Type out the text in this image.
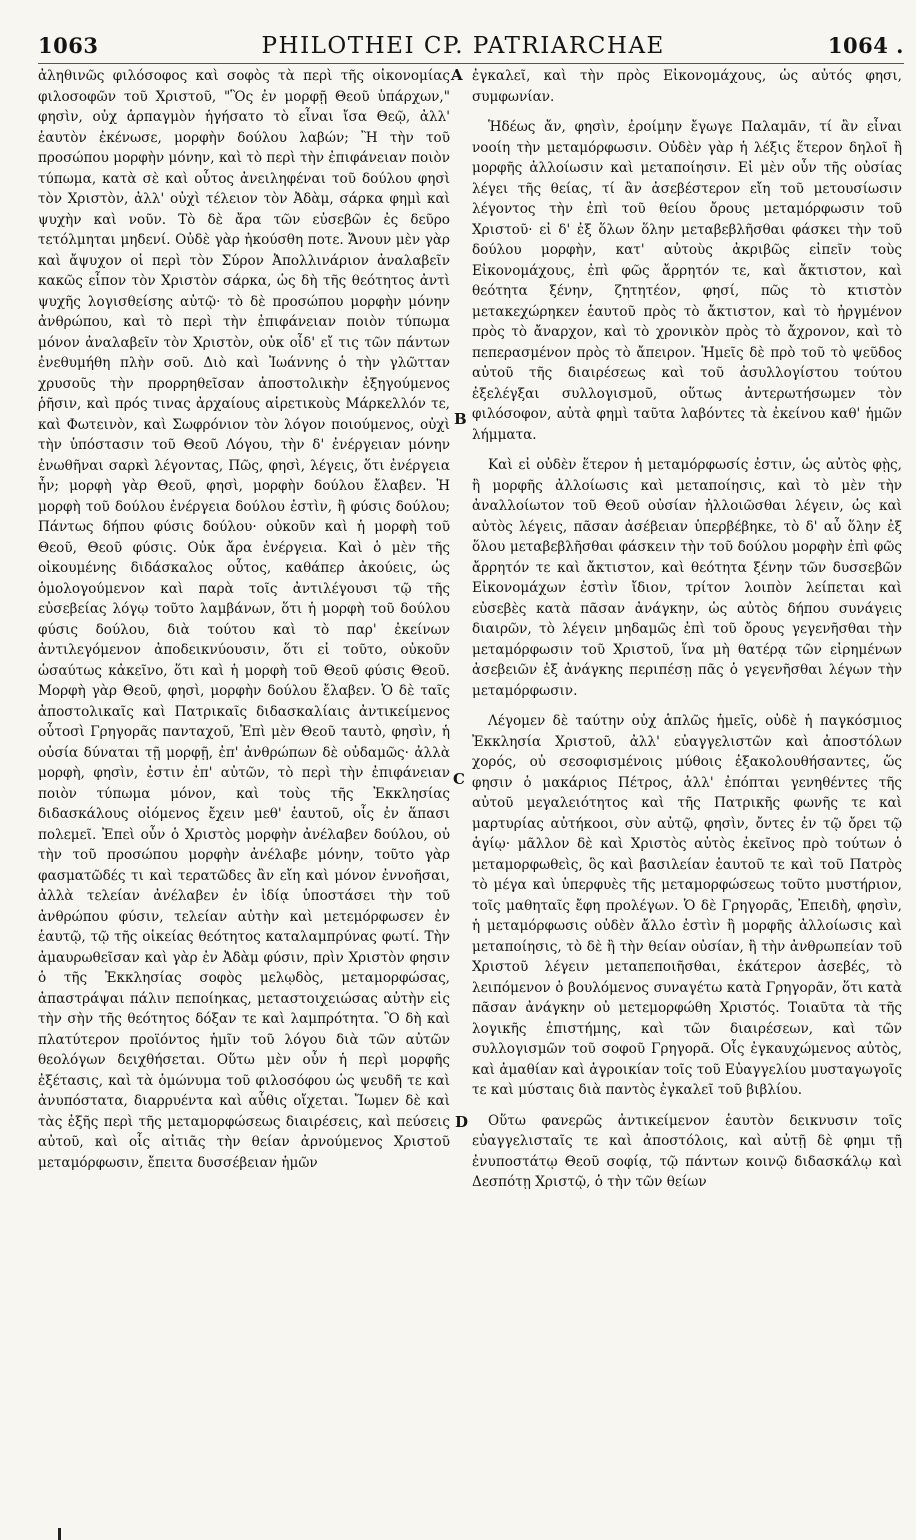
1063	PHILOTHEI CP. PATRIARCHAE	1064 .

ἀληθινῶς φιλόσοφος καὶ σοφὸς τὰ περὶ τῆς οἰκονομίας φιλοσοφῶν τοῦ Χριστοῦ, "Ὃς ἐν μορφῇ Θεοῦ ὑπάρχων," φησὶν, οὐχ ἁρπαγμὸν ἡγήσατο τὸ εἶναι ἴσα Θεῷ, ἀλλ' ἑαυτὸν ἐκένωσε, μορφὴν δούλου λαβών; Ἢ τὴν τοῦ προσώπου μορφὴν μόνην, καὶ τὸ περὶ τὴν ἐπιφάνειαν ποιὸν τύπωμα, κατὰ σὲ καὶ οὗτος ἀνειληφέναι τοῦ δούλου φησὶ τὸν Χριστὸν, ἀλλ' οὐχὶ τέλειον τὸν Ἀδὰμ, σάρκα φημὶ καὶ ψυχὴν καὶ νοῦν. Τὸ δὲ ἄρα τῶν εὐσεβῶν ἐς δεῦρο τετόλμηται μηδενί. Οὐδὲ γὰρ ἠκούσθη ποτε. Ἄνουν μὲν γὰρ καὶ ἄψυχον οἱ περὶ τὸν Σύρον Ἀπολλινάριον ἀναλαβεῖν κακῶς εἶπον τὸν Χριστὸν σάρκα, ὡς δὴ τῆς θεότητος ἀντὶ ψυχῆς λογισθείσης αὐτῷ· τὸ δὲ προσώπου μορφὴν μόνην ἀνθρώπου, καὶ τὸ περὶ τὴν ἐπιφάνειαν ποιὸν τύπωμα μόνον ἀναλαβεῖν τὸν Χριστὸν, οὐκ οἶδ' εἴ τις τῶν πάντων ἐνεθυμήθη πλὴν σοῦ. Διὸ καὶ Ἰωάννης ὁ τὴν γλῶτταν χρυσοῦς τὴν προρρηθεῖσαν ἀποστολικὴν ἐξηγούμενος ῥῆσιν, καὶ πρός τινας ἀρχαίους αἱρετικοὺς Μάρκελλόν τε, καὶ Φωτεινὸν, καὶ Σωφρόνιον τὸν λόγον ποιούμενος, οὐχὶ τὴν ὑπόστασιν τοῦ Θεοῦ Λόγου, τὴν δ' ἐνέργειαν μόνην ἑνωθῆναι σαρκὶ λέγοντας, Πῶς, φησὶ, λέγεις, ὅτι ἐνέργεια ἦν; μορφὴ γὰρ Θεοῦ, φησὶ, μορφὴν δούλου ἔλαβεν. Ἡ μορφὴ τοῦ δούλου ἐνέργεια δούλου ἐστὶν, ἢ φύσις δούλου; Πάντως δήπου φύσις δούλου· οὐκοῦν καὶ ἡ μορφὴ τοῦ Θεοῦ, Θεοῦ φύσις. Οὐκ ἄρα ἐνέργεια. Καὶ ὁ μὲν τῆς οἰκουμένης διδάσκαλος οὗτος, καθάπερ ἀκούεις, ὡς ὁμολογούμενον καὶ παρὰ τοῖς ἀντιλέγουσι τῷ τῆς εὐσεβείας λόγῳ τοῦτο λαμβάνων, ὅτι ἡ μορφὴ τοῦ δούλου φύσις δούλου, διὰ τούτου καὶ τὸ παρ' ἐκείνων ἀντιλεγόμενον ἀποδεικνύουσιν, ὅτι εἰ τοῦτο, οὐκοῦν ὡσαύτως κἀκεῖνο, ὅτι καὶ ἡ μορφὴ τοῦ Θεοῦ φύσις Θεοῦ. Μορφὴ γὰρ Θεοῦ, φησὶ, μορφὴν δούλου ἔλαβεν. Ὁ δὲ ταῖς ἀποστολικαῖς καὶ Πατρικαῖς διδασκαλίαις ἀντικείμενος οὗτοσὶ Γρηγορᾶς πανταχοῦ, Ἐπὶ μὲν Θεοῦ ταυτὸ, φησὶν, ἡ οὐσία δύναται τῇ μορφῇ, ἐπ' ἀνθρώπων δὲ οὐδαμῶς· ἀλλὰ μορφὴ, φησὶν, ἐστιν ἐπ' αὐτῶν, τὸ περὶ τὴν ἐπιφάνειαν ποιὸν τύπωμα μόνον, καὶ τοὺς τῆς Ἐκκλησίας διδασκάλους οἰόμενος ἔχειν μεθ' ἑαυτοῦ, οἷς ἐν ἅπασι πολεμεῖ. Ἐπεὶ οὖν ὁ Χριστὸς μορφὴν ἀνέλαβεν δούλου, οὐ τὴν τοῦ προσώπου μορφὴν ἀνέλαβε μόνην, τοῦτο γὰρ φασματῶδές τι καὶ τερατῶδες ἂν εἴη καὶ μόνον ἐννοῆσαι, ἀλλὰ τελείαν ἀνέλαβεν ἐν ἰδίᾳ ὑποστάσει τὴν τοῦ ἀνθρώπου φύσιν, τελείαν αὐτὴν καὶ μετεμόρφωσεν ἐν ἑαυτῷ, τῷ τῆς οἰκείας θεότητος καταλαμπρύνας φωτί. Τὴν ἀμαυρωθεῖσαν καὶ γὰρ ἐν Ἀδὰμ φύσιν, πρὶν Χριστὸν φησιν ὁ τῆς Ἐκκλησίας σοφὸς μελῳδὸς, μεταμορφώσας, ἀπαστράψαι πάλιν πεποίηκας, μεταστοιχειώσας αὐτὴν εἰς τὴν σὴν τῆς θεότητος δόξαν τε καὶ λαμπρότητα. Ὃ δὴ καὶ πλατύτερον προϊόντος ἡμῖν τοῦ λόγου διὰ τῶν αὐτῶν θεολόγων δειχθήσεται. Οὕτω μὲν οὖν ἡ περὶ μορφῆς ἐξέτασις, καὶ τὰ ὁμώνυμα τοῦ φιλοσόφου ὡς ψευδῆ τε καὶ ἀνυπόστατα, διαρρυέντα καὶ αὖθις οἴχεται. Ἴωμεν δὲ καὶ τὰς ἐξῆς περὶ τῆς μεταμορφώσεως διαιρέσεις, καὶ πεύσεις αὐτοῦ, καὶ οἷς αἰτιᾶς τὴν θείαν ἀρνούμενος Χριστοῦ μεταμόρφωσιν, ἔπειτα δυσσέβειαν ἡμῶν

ἐγκαλεῖ, καὶ τὴν πρὸς Εἰκονομάχους, ὡς αὐτός φησι, συμφωνίαν.

Ἡδέως ἄν, φησὶν, ἐροίμην ἔγωγε Παλαμᾶν, τί ἂν εἶναι νοοίη τὴν μεταμόρφωσιν. Οὐδὲν γὰρ ἡ λέξις ἕτερον δηλοῖ ἢ μορφῆς ἀλλοίωσιν καὶ μεταποίησιν. Εἰ μὲν οὖν τῆς οὐσίας λέγει τῆς θείας, τί ἂν ἀσεβέστερον εἴη τοῦ μετουσίωσιν λέγοντος τὴν ἐπὶ τοῦ θείου ὄρους μεταμόρφωσιν τοῦ Χριστοῦ· εἰ δ' ἐξ ὅλων ὅλην μεταβεβλῆσθαι φάσκει τὴν τοῦ δούλου μορφὴν, κατ' αὐτοὺς ἀκριβῶς εἰπεῖν τοὺς Εἰκονομάχους, ἐπὶ φῶς ἄρρητόν τε, καὶ ἄκτιστον, καὶ θεότητα ξένην, ζητητέον, φησί, πῶς τὸ κτιστὸν μετακεχώρηκεν ἑαυτοῦ πρὸς τὸ ἄκτιστον, καὶ τὸ ἠργμένον πρὸς τὸ ἄναρχον, καὶ τὸ χρονικὸν πρὸς τὸ ἄχρονον, καὶ τὸ πεπερασμένον πρὸς τὸ ἄπειρον. Ἡμεῖς δὲ πρὸ τοῦ τὸ ψεῦδος αὐτοῦ τῆς διαιρέσεως καὶ τοῦ ἀσυλλογίστου τούτου ἐξελέγξαι συλλογισμοῦ, οὕτως ἀντερωτήσωμεν τὸν φιλόσοφον, αὐτὰ φημὶ ταῦτα λαβόντες τὰ ἐκείνου καθ' ἡμῶν λήμματα.

Καὶ εἰ οὐδὲν ἕτερον ἡ μεταμόρφωσίς ἐστιν, ὡς αὐτὸς φῂς, ἢ μορφῆς ἀλλοίωσις καὶ μεταποίησις, καὶ τὸ μὲν τὴν ἀναλλοίωτον τοῦ Θεοῦ οὐσίαν ἠλλοιῶσθαι λέγειν, ὡς καὶ αὐτὸς λέγεις, πᾶσαν ἀσέβειαν ὑπερβέβηκε, τὸ δ' αὖ ὅλην ἐξ ὅλου μεταβεβλῆσθαι φάσκειν τὴν τοῦ δούλου μορφὴν ἐπὶ φῶς ἄρρητόν τε καὶ ἄκτιστον, καὶ θεότητα ξένην τῶν δυσσεβῶν Εἰκονομάχων ἐστὶν ἴδιον, τρίτον λοιπὸν λείπεται καὶ εὐσεβὲς κατὰ πᾶσαν ἀνάγκην, ὡς αὐτὸς δήπου συνάγεις διαιρῶν, τὸ λέγειν μηδαμῶς ἐπὶ τοῦ ὄρους γεγενῆσθαι τὴν μεταμόρφωσιν τοῦ Χριστοῦ, ἵνα μὴ θατέρᾳ τῶν εἰρημένων ἀσεβειῶν ἐξ ἀνάγκης περιπέσῃ πᾶς ὁ γεγενῆσθαι λέγων τὴν μεταμόρφωσιν.

Λέγομεν δὲ ταύτην οὐχ ἁπλῶς ἡμεῖς, οὐδὲ ἡ παγκόσμιος Ἐκκλησία Χριστοῦ, ἀλλ' εὐαγγελιστῶν καὶ ἀποστόλων χορός, οὐ σεσοφισμένοις μύθοις ἐξακολουθήσαντες, ὥς φησιν ὁ μακάριος Πέτρος, ἀλλ' ἐπόπται γενηθέντες τῆς αὐτοῦ μεγαλειότητος καὶ τῆς Πατρικῆς φωνῆς τε καὶ μαρτυρίας αὐτήκοοι, σὺν αὐτῷ, φησὶν, ὄντες ἐν τῷ ὄρει τῷ ἁγίῳ· μᾶλλον δὲ καὶ Χριστὸς αὐτὸς ἐκεῖνος πρὸ τούτων ὁ μεταμορφωθεὶς, ὃς καὶ βασιλείαν ἑαυτοῦ τε καὶ τοῦ Πατρὸς τὸ μέγα καὶ ὑπερφυὲς τῆς μεταμορφώσεως τοῦτο μυστήριον, τοῖς μαθηταῖς ἔφη προλέγων. Ὁ δὲ Γρηγορᾶς, Ἐπειδὴ, φησὶν, ἡ μεταμόρφωσις οὐδὲν ἄλλο ἐστὶν ἢ μορφῆς ἀλλοίωσις καὶ μεταποίησις, τὸ δὲ ἢ τὴν θείαν οὐσίαν, ἢ τὴν ἀνθρωπείαν τοῦ Χριστοῦ λέγειν μεταπεποιῆσθαι, ἑκάτερον ἀσεβές, τὸ λειπόμενον ὁ βουλόμενος συναγέτω κατὰ Γρηγορᾶν, ὅτι κατὰ πᾶσαν ἀνάγκην οὐ μετεμορφώθη Χριστός. Τοιαῦτα τὰ τῆς λογικῆς ἐπιστήμης, καὶ τῶν διαιρέσεων, καὶ τῶν συλλογισμῶν τοῦ σοφοῦ Γρηγορᾶ. Οἷς ἐγκαυχώμενος αὐτὸς, καὶ ἀμαθίαν καὶ ἀγροικίαν τοῖς τοῦ Εὐαγγελίου μυσταγωγοῖς τε καὶ μύσταις διὰ παντὸς ἐγκαλεῖ τοῦ βιβλίου.

Οὕτω φανερῶς ἀντικείμενον ἑαυτὸν δεικνυσιν τοῖς εὐαγγελισταῖς τε καὶ ἀποστόλοις, καὶ αὐτῇ δὲ φημι τῇ ἐνυποστάτῳ Θεοῦ σοφίᾳ, τῷ πάντων κοινῷ διδασκάλῳ καὶ Δεσπότῃ Χριστῷ, ὁ τὴν τῶν θείων

A
B
C
D
